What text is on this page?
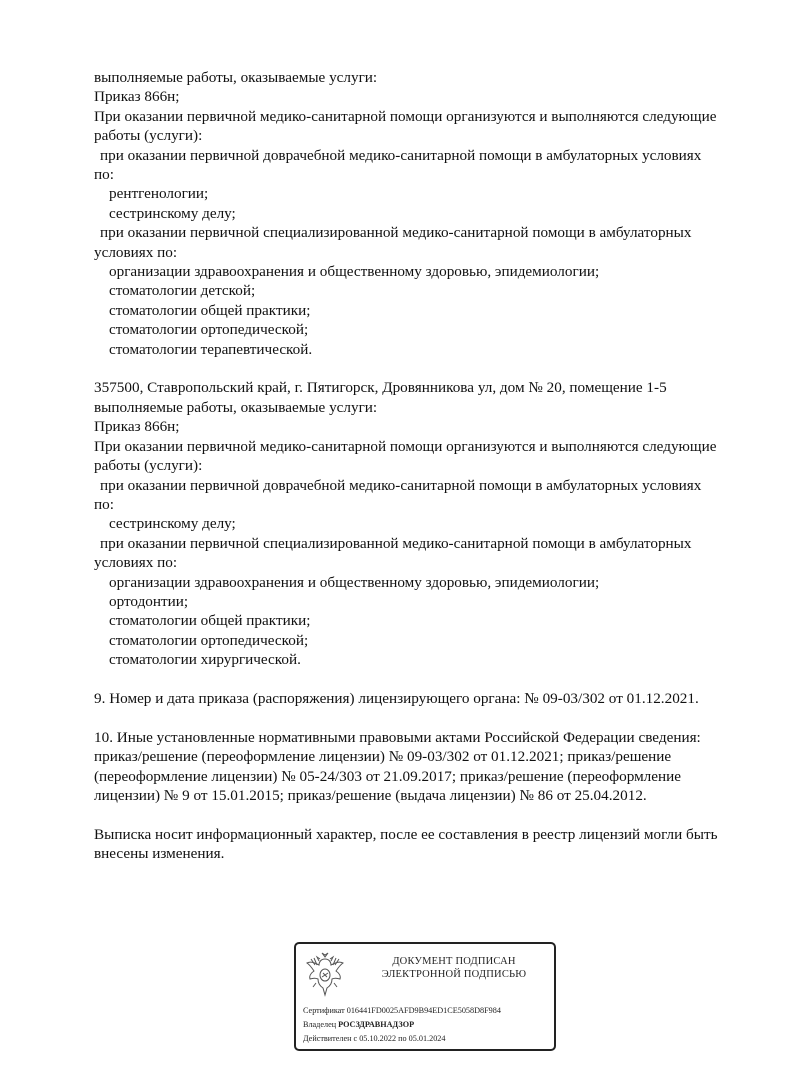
выполняемые работы, оказываемые услуги:
Приказ 866н;
При оказании первичной медико-санитарной помощи организуются и выполняются следующие
работы (услуги):
при оказании первичной доврачебной медико-санитарной помощи в амбулаторных условиях
по:
рентгенологии;
сестринскому делу;
при оказании первичной специализированной медико-санитарной помощи в амбулаторных
условиях по:
организации здравоохранения и общественному здоровью, эпидемиологии;
стоматологии детской;
стоматологии общей практики;
стоматологии ортопедической;
стоматологии терапевтической.
357500, Ставропольский край, г. Пятигорск, Дровянникова ул, дом № 20, помещение 1-5
выполняемые работы, оказываемые услуги:
Приказ 866н;
При оказании первичной медико-санитарной помощи организуются и выполняются следующие
работы (услуги):
при оказании первичной доврачебной медико-санитарной помощи в амбулаторных условиях
по:
сестринскому делу;
при оказании первичной специализированной медико-санитарной помощи в амбулаторных
условиях по:
организации здравоохранения и общественному здоровью, эпидемиологии;
ортодонтии;
стоматологии общей практики;
стоматологии ортопедической;
стоматологии хирургической.
9. Номер и дата приказа (распоряжения) лицензирующего органа: № 09-03/302 от 01.12.2021.
10. Иные установленные нормативными правовыми актами Российской Федерации сведения:
приказ/решение (переоформление лицензии) № 09-03/302 от 01.12.2021; приказ/решение
(переоформление лицензии) № 05-24/303 от 21.09.2017; приказ/решение (переоформление
лицензии) № 9 от 15.01.2015; приказ/решение (выдача лицензии) № 86 от 25.04.2012.
Выписка носит информационный характер, после ее составления в реестр лицензий могли быть
внесены изменения.
ДОКУМЕНТ ПОДПИСАН
ЭЛЕКТРОННОЙ ПОДПИСЬЮ
Сертификат 016441FD0025AFD9B94ED1CE5058D8F984
Владелец РОСЗДРАВНАДЗОР
Действителен с 05.10.2022 по 05.01.2024
